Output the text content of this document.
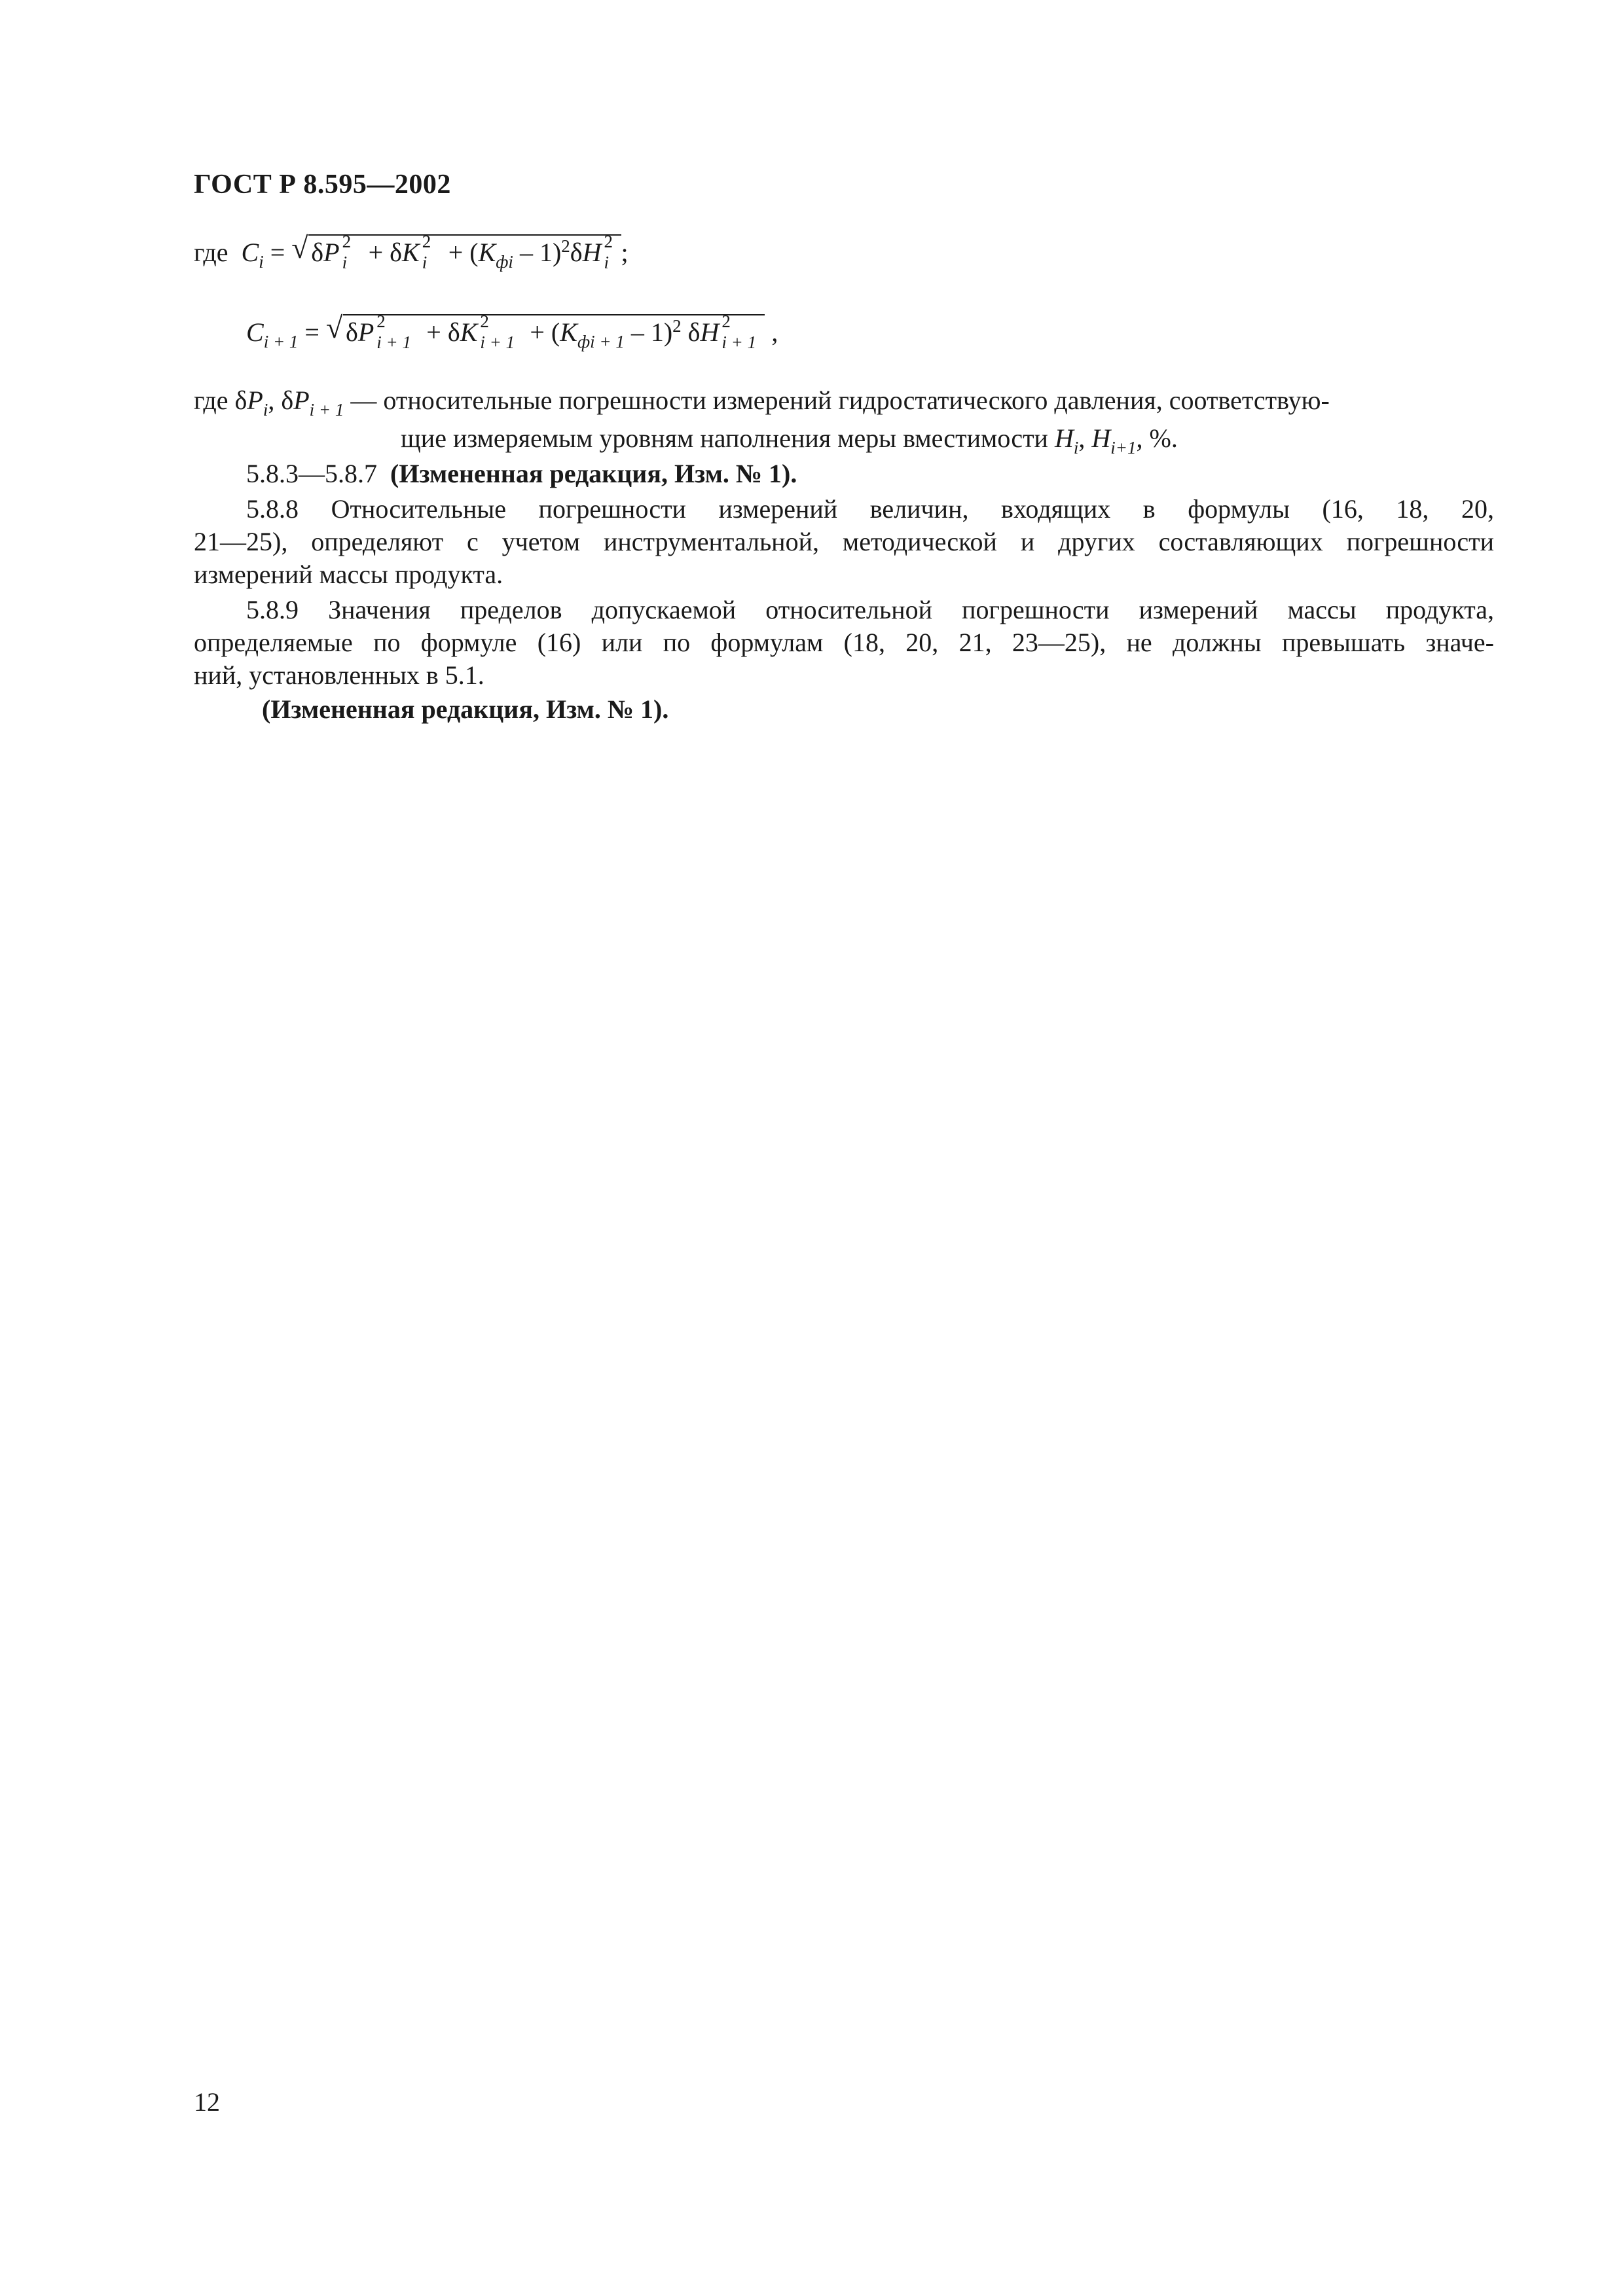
ГОСТ Р 8.595—2002
где $C_i$ = √ δP 2
i + δK 2
$i + (K_{фi} - 1)^2\delta H$ 2
i ;
$C_{i + 1}$ = √ δP 2
i + 1 + δK 2
$i + 1 + (K_{фi + 1} - 1)^2$ δH 2
i + 1 ,
где $\delta P_i$, $\delta P_{i + 1}$ — относительные погрешности измерений гидростатического давления, соответствую-
щие измеряемым уровням наполнения меры вместимости $H_i$, $H_{i+1}$, %.
5.8.3—5.8.7 (Измененная редакция, Изм. № 1).
5.8.8 Относительные погрешности измерений величин, входящих в формулы (16, 18, 20,
21—25), определяют с учетом инструментальной, методической и других составляющих погрешности
измерений массы продукта.
5.8.9 Значения пределов допускаемой относительной погрешности измерений массы продукта,
определяемые по формуле (16) или по формулам (18, 20, 21, 23—25), не должны превышать значе-
ний, установленных в 5.1.
(Измененная редакция, Изм. № 1).
12
